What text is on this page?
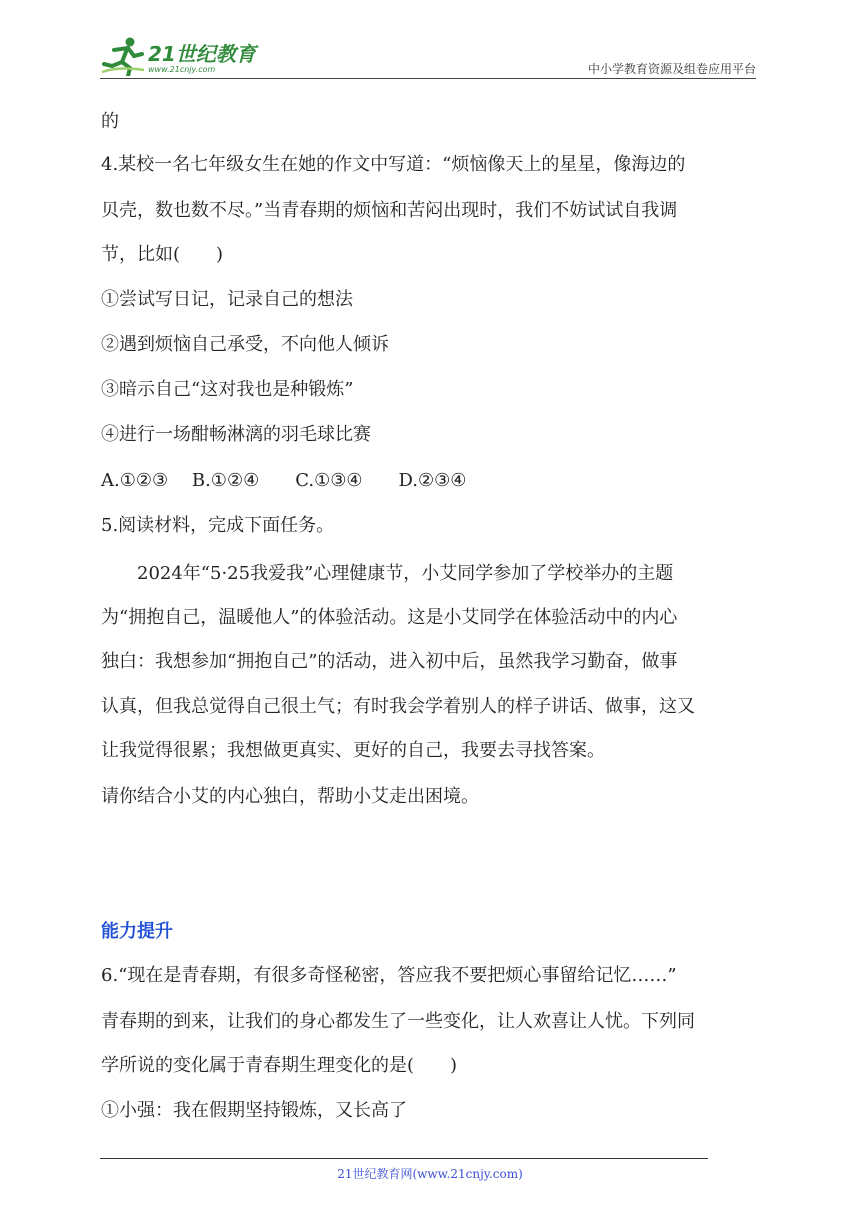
21世纪教育
www.21cnjy.com	中小学教育资源及组卷应用平台
的
4.某校一名七年级女生在她的作文中写道：“烦恼像天上的星星，像海边的
贝壳，数也数不尽。”当青春期的烦恼和苦闷出现时，我们不妨试试自我调
节，比如(　　)
①尝试写日记，记录自己的想法
②遇到烦恼自己承受，不向他人倾诉
③暗示自己“这对我也是种锻炼”
④进行一场酣畅淋漓的羽毛球比赛
A.①②③　 B.①②④　　C.①③④　　D.②③④
5.阅读材料，完成下面任务。
　　2024年“5·25我爱我”心理健康节，小艾同学参加了学校举办的主题
为“拥抱自己，温暖他人”的体验活动。这是小艾同学在体验活动中的内心
独白：我想参加“拥抱自己”的活动，进入初中后，虽然我学习勤奋，做事
认真，但我总觉得自己很土气；有时我会学着别人的样子讲话、做事，这又
让我觉得很累；我想做更真实、更好的自己，我要去寻找答案。
请你结合小艾的内心独白，帮助小艾走出困境。
能力提升
6.“现在是青春期，有很多奇怪秘密，答应我不要把烦心事留给记忆……”
青春期的到来，让我们的身心都发生了一些变化，让人欢喜让人忧。下列同
学所说的变化属于青春期生理变化的是(　　)
①小强：我在假期坚持锻炼，又长高了
21世纪教育网(www.21cnjy.com)
